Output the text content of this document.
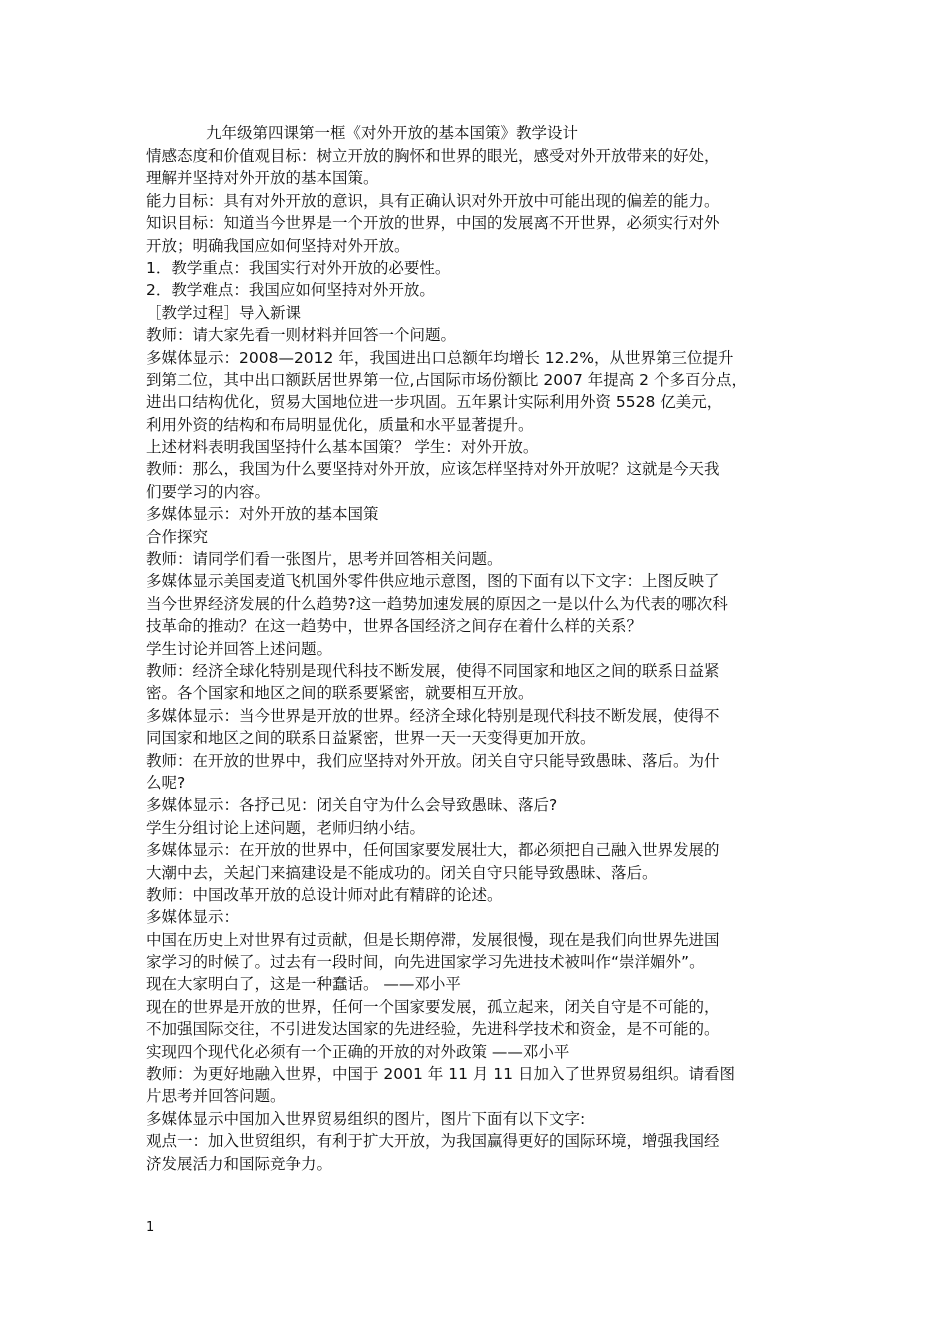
九年级第四课第一框《对外开放的基本国策》教学设计
情感态度和价值观目标：树立开放的胸怀和世界的眼光，感受对外开放带来的好处，
理解并坚持对外开放的基本国策。
能力目标：具有对外开放的意识，具有正确认识对外开放中可能出现的偏差的能力。
知识目标：知道当今世界是一个开放的世界，中国的发展离不开世界，必须实行对外
开放；明确我国应如何坚持对外开放。
1．教学重点：我国实行对外开放的必要性。
2．教学难点：我国应如何坚持对外开放。
［教学过程］导入新课
教师：请大家先看一则材料并回答一个问题。
多媒体显示：2008—2012 年，我国进出口总额年均增长 12.2%，从世界第三位提升
到第二位，其中出口额跃居世界第一位,占国际市场份额比 2007 年提高 2 个多百分点，
进出口结构优化，贸易大国地位进一步巩固。五年累计实际利用外资 5528 亿美元，
利用外资的结构和布局明显优化，质量和水平显著提升。
上述材料表明我国坚持什么基本国策？ 学生：对外开放。
教师：那么，我国为什么要坚持对外开放，应该怎样坚持对外开放呢？这就是今天我
们要学习的内容。
多媒体显示：对外开放的基本国策
合作探究
教师：请同学们看一张图片，思考并回答相关问题。
多媒体显示美国麦道飞机国外零件供应地示意图，图的下面有以下文字：上图反映了
当今世界经济发展的什么趋势?这一趋势加速发展的原因之一是以什么为代表的哪次科
技革命的推动？在这一趋势中，世界各国经济之间存在着什么样的关系？
学生讨论并回答上述问题。
教师：经济全球化特别是现代科技不断发展，使得不同国家和地区之间的联系日益紧
密。各个国家和地区之间的联系要紧密，就要相互开放。
多媒体显示：当今世界是开放的世界。经济全球化特别是现代科技不断发展，使得不
同国家和地区之间的联系日益紧密，世界一天一天变得更加开放。
教师：在开放的世界中，我们应坚持对外开放。闭关自守只能导致愚昧、落后。为什
么呢?
多媒体显示：各抒己见：闭关自守为什么会导致愚昧、落后?
学生分组讨论上述问题，老师归纳小结。
多媒体显示：在开放的世界中，任何国家要发展壮大，都必须把自己融入世界发展的
大潮中去，关起门来搞建设是不能成功的。闭关自守只能导致愚昧、落后。
教师：中国改革开放的总设计师对此有精辟的论述。
多媒体显示：
中国在历史上对世界有过贡献，但是长期停滞，发展很慢，现在是我们向世界先进国
家学习的时候了。过去有一段时间，向先进国家学习先进技术被叫作“崇洋媚外”。
现在大家明白了，这是一种蠢话。 ——邓小平
现在的世界是开放的世界，任何一个国家要发展，孤立起来，闭关自守是不可能的，
不加强国际交往，不引进发达国家的先进经验，先进科学技术和资金，是不可能的。
实现四个现代化必须有一个正确的开放的对外政策 ——邓小平
教师：为更好地融入世界，中国于 2001 年 11 月 11 日加入了世界贸易组织。请看图
片思考并回答问题。
多媒体显示中国加入世界贸易组织的图片，图片下面有以下文字:
观点一：加入世贸组织，有利于扩大开放，为我国赢得更好的国际环境，增强我国经
济发展活力和国际竞争力。
1
